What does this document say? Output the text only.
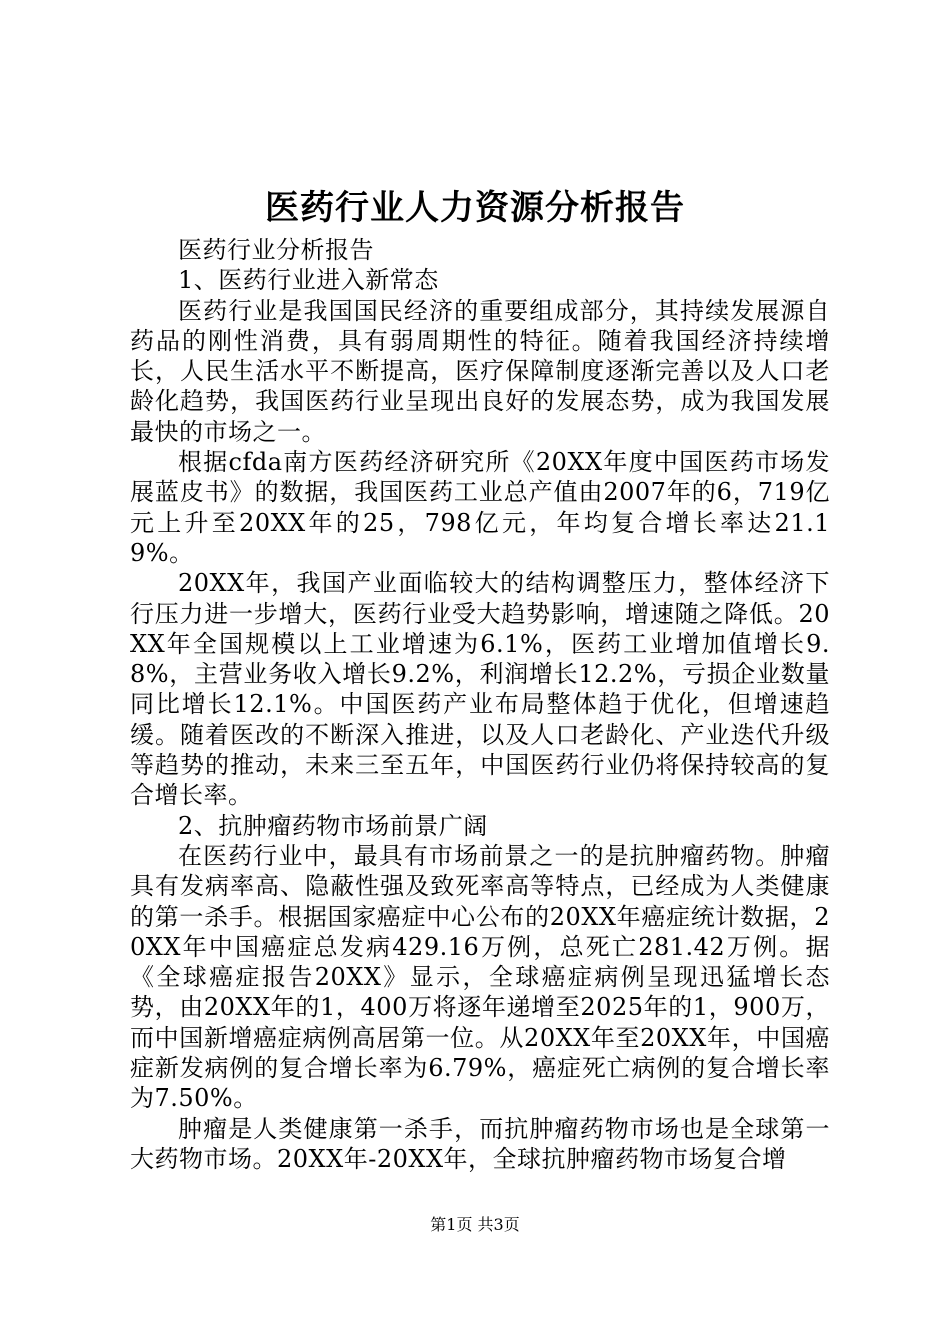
医药行业人力资源分析报告

医药行业分析报告

1、医药行业进入新常态

医药行业是我国国民经济的重要组成部分，其持续发展源自药品的刚性消费，具有弱周期性的特征。随着我国经济持续增长，人民生活水平不断提高，医疗保障制度逐渐完善以及人口老龄化趋势，我国医药行业呈现出良好的发展态势，成为我国发展最快的市场之一。

根据cfda南方医药经济研究所《20XX年度中国医药市场发展蓝皮书》的数据，我国医药工业总产值由2007年的6，719亿元上升至20XX年的25，798亿元，年均复合增长率达21.19%。

20XX年，我国产业面临较大的结构调整压力，整体经济下行压力进一步增大，医药行业受大趋势影响，增速随之降低。20XX年全国规模以上工业增速为6.1%，医药工业增加值增长9.8%，主营业务收入增长9.2%，利润增长12.2%，亏损企业数量同比增长12.1%。中国医药产业布局整体趋于优化，但增速趋缓。随着医改的不断深入推进，以及人口老龄化、产业迭代升级等趋势的推动，未来三至五年，中国医药行业仍将保持较高的复合增长率。

2、抗肿瘤药物市场前景广阔

在医药行业中，最具有市场前景之一的是抗肿瘤药物。肿瘤具有发病率高、隐蔽性强及致死率高等特点，已经成为人类健康的第一杀手。根据国家癌症中心公布的20XX年癌症统计数据，20XX年中国癌症总发病429.16万例，总死亡281.42万例。据《全球癌症报告20XX》显示，全球癌症病例呈现迅猛增长态势，由20XX年的1，400万将逐年递增至2025年的1，900万，而中国新增癌症病例高居第一位。从20XX年至20XX年，中国癌症新发病例的复合增长率为6.79%，癌症死亡病例的复合增长率为7.50%。

肿瘤是人类健康第一杀手，而抗肿瘤药物市场也是全球第一大药物市场。20XX年-20XX年，全球抗肿瘤药物市场复合增

第1页 共3页
